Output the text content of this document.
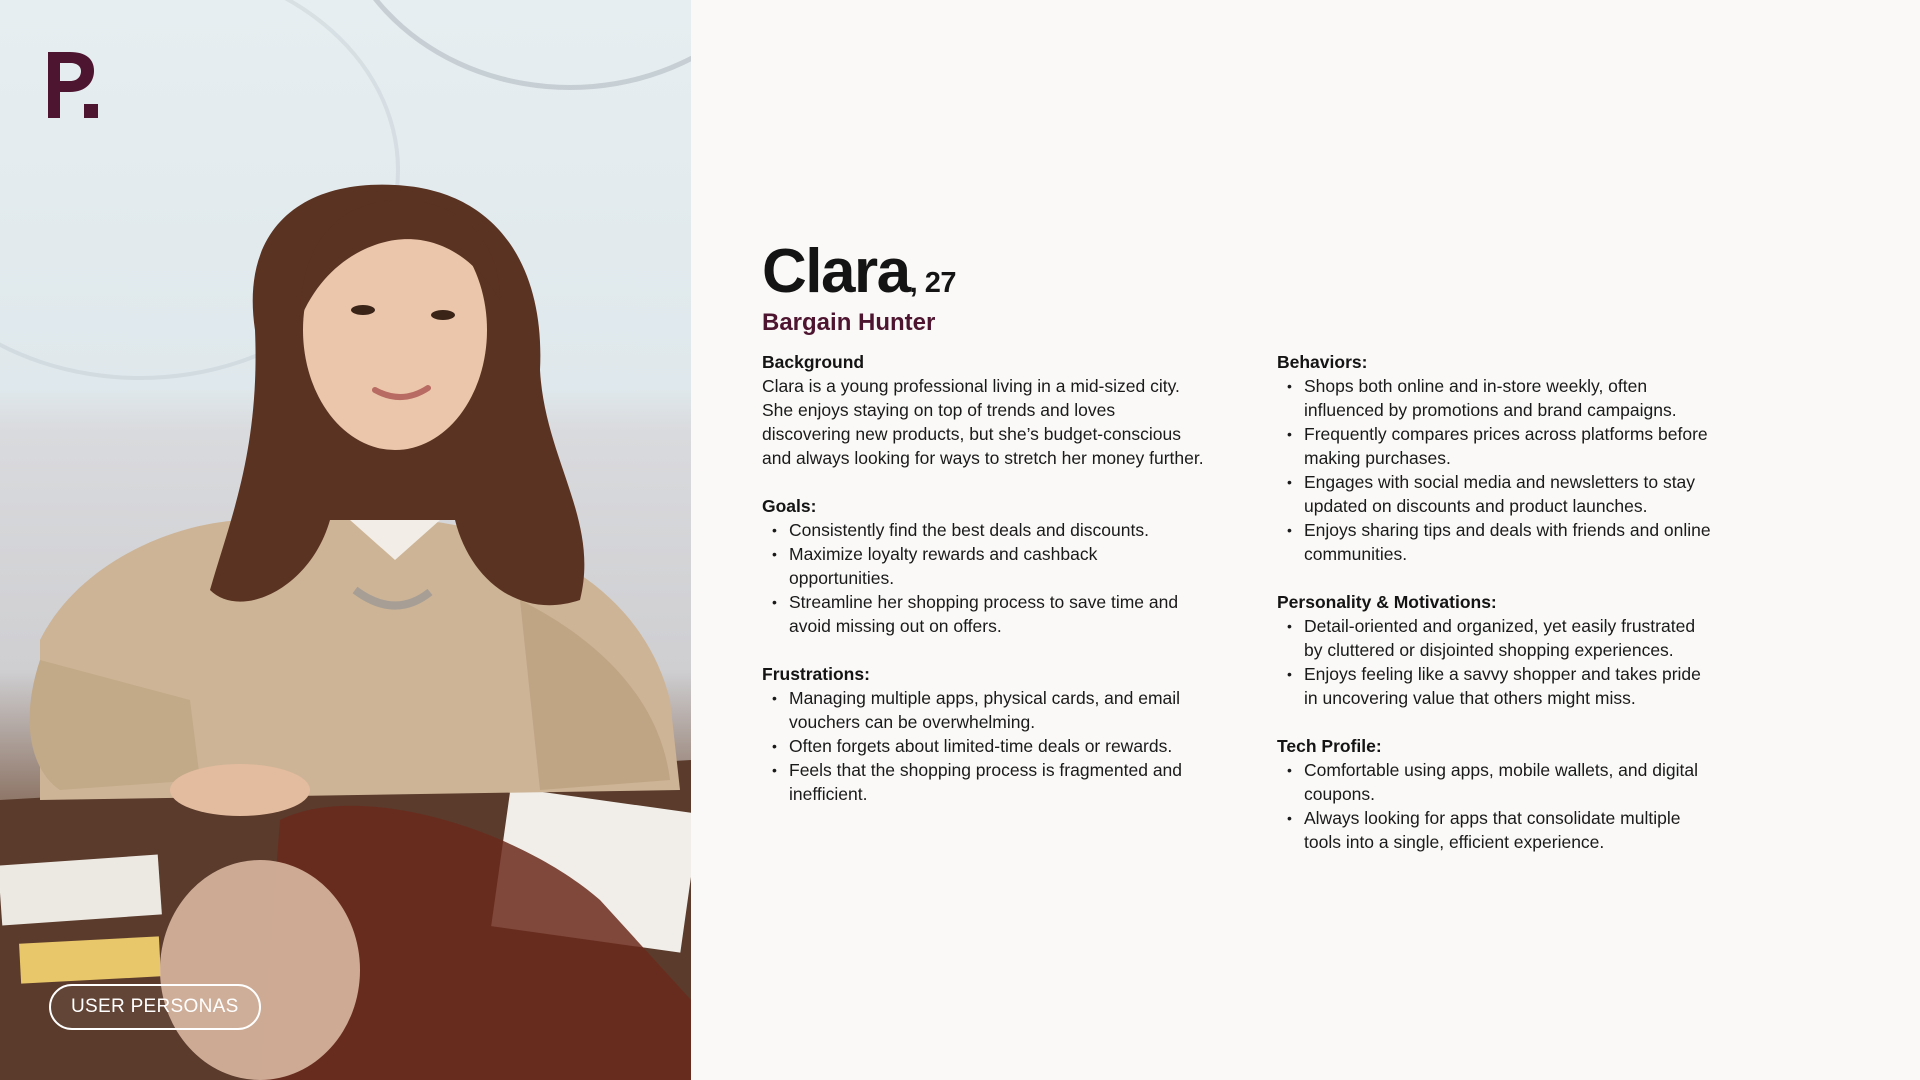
USER PERSONAS
Clara , 27
Bargain Hunter
Background
Clara is a young professional living in a mid-sized city. She enjoys staying on top of trends and loves discovering new products, but she’s budget-conscious and always looking for ways to stretch her money further.
Goals:
• Consistently find the best deals and discounts.
• Maximize loyalty rewards and cashback opportunities.
• Streamline her shopping process to save time and avoid missing out on offers.
Frustrations:
• Managing multiple apps, physical cards, and email vouchers can be overwhelming.
• Often forgets about limited-time deals or rewards.
• Feels that the shopping process is fragmented and inefficient.
Behaviors:
• Shops both online and in-store weekly, often influenced by promotions and brand campaigns.
• Frequently compares prices across platforms before making purchases.
• Engages with social media and newsletters to stay updated on discounts and product launches.
• Enjoys sharing tips and deals with friends and online communities.
Personality & Motivations:
• Detail-oriented and organized, yet easily frustrated by cluttered or disjointed shopping experiences.
• Enjoys feeling like a savvy shopper and takes pride in uncovering value that others might miss.
Tech Profile:
• Comfortable using apps, mobile wallets, and digital coupons.
• Always looking for apps that consolidate multiple tools into a single, efficient experience.
